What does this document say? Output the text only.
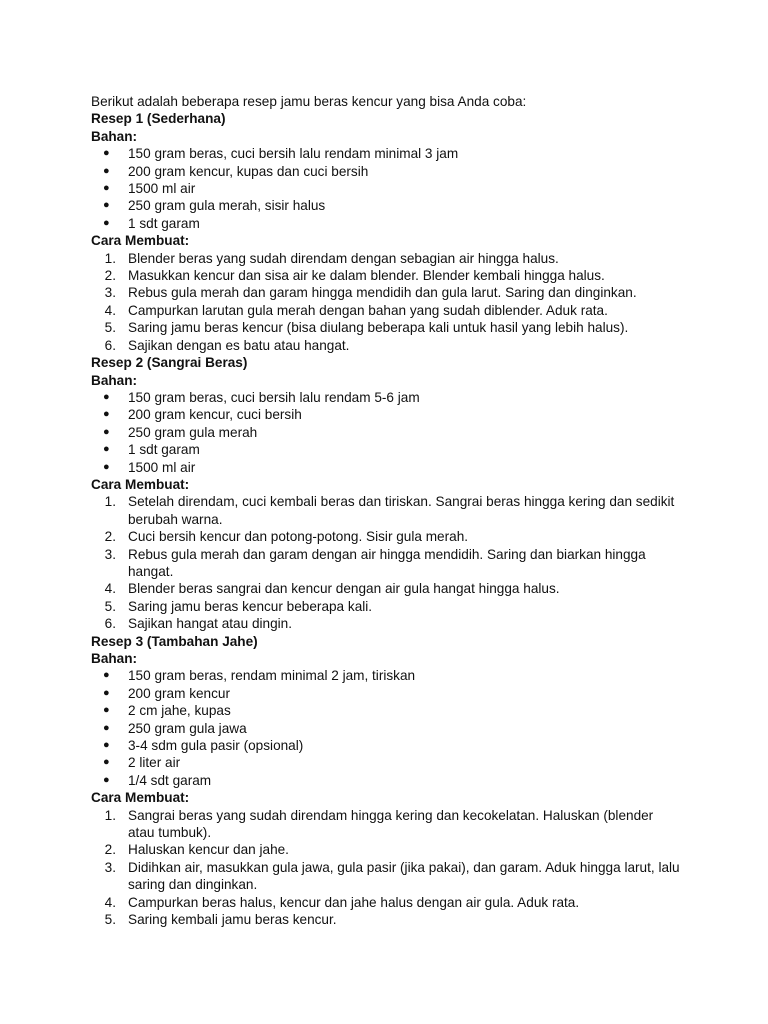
Berikut adalah beberapa resep jamu beras kencur yang bisa Anda coba:

Resep 1 (Sederhana)

Bahan:

● 150 gram beras, cuci bersih lalu rendam minimal 3 jam
● 200 gram kencur, kupas dan cuci bersih
● 1500 ml air
● 250 gram gula merah, sisir halus
● 1 sdt garam

Cara Membuat:

1. Blender beras yang sudah direndam dengan sebagian air hingga halus.
2. Masukkan kencur dan sisa air ke dalam blender. Blender kembali hingga halus.
3. Rebus gula merah dan garam hingga mendidih dan gula larut. Saring dan dinginkan.
4. Campurkan larutan gula merah dengan bahan yang sudah diblender. Aduk rata.
5. Saring jamu beras kencur (bisa diulang beberapa kali untuk hasil yang lebih halus).
6. Sajikan dengan es batu atau hangat.

Resep 2 (Sangrai Beras)

Bahan:

● 150 gram beras, cuci bersih lalu rendam 5-6 jam
● 200 gram kencur, cuci bersih
● 250 gram gula merah
● 1 sdt garam
● 1500 ml air

Cara Membuat:

1. Setelah direndam, cuci kembali beras dan tiriskan. Sangrai beras hingga kering dan sedikit berubah warna.
2. Cuci bersih kencur dan potong-potong. Sisir gula merah.
3. Rebus gula merah dan garam dengan air hingga mendidih. Saring dan biarkan hingga hangat.
4. Blender beras sangrai dan kencur dengan air gula hangat hingga halus.
5. Saring jamu beras kencur beberapa kali.
6. Sajikan hangat atau dingin.

Resep 3 (Tambahan Jahe)

Bahan:

● 150 gram beras, rendam minimal 2 jam, tiriskan
● 200 gram kencur
● 2 cm jahe, kupas
● 250 gram gula jawa
● 3-4 sdm gula pasir (opsional)
● 2 liter air
● 1/4 sdt garam

Cara Membuat:

1. Sangrai beras yang sudah direndam hingga kering dan kecokelatan. Haluskan (blender atau tumbuk).
2. Haluskan kencur dan jahe.
3. Didihkan air, masukkan gula jawa, gula pasir (jika pakai), dan garam. Aduk hingga larut, lalu saring dan dinginkan.
4. Campurkan beras halus, kencur dan jahe halus dengan air gula. Aduk rata.
5. Saring kembali jamu beras kencur.
